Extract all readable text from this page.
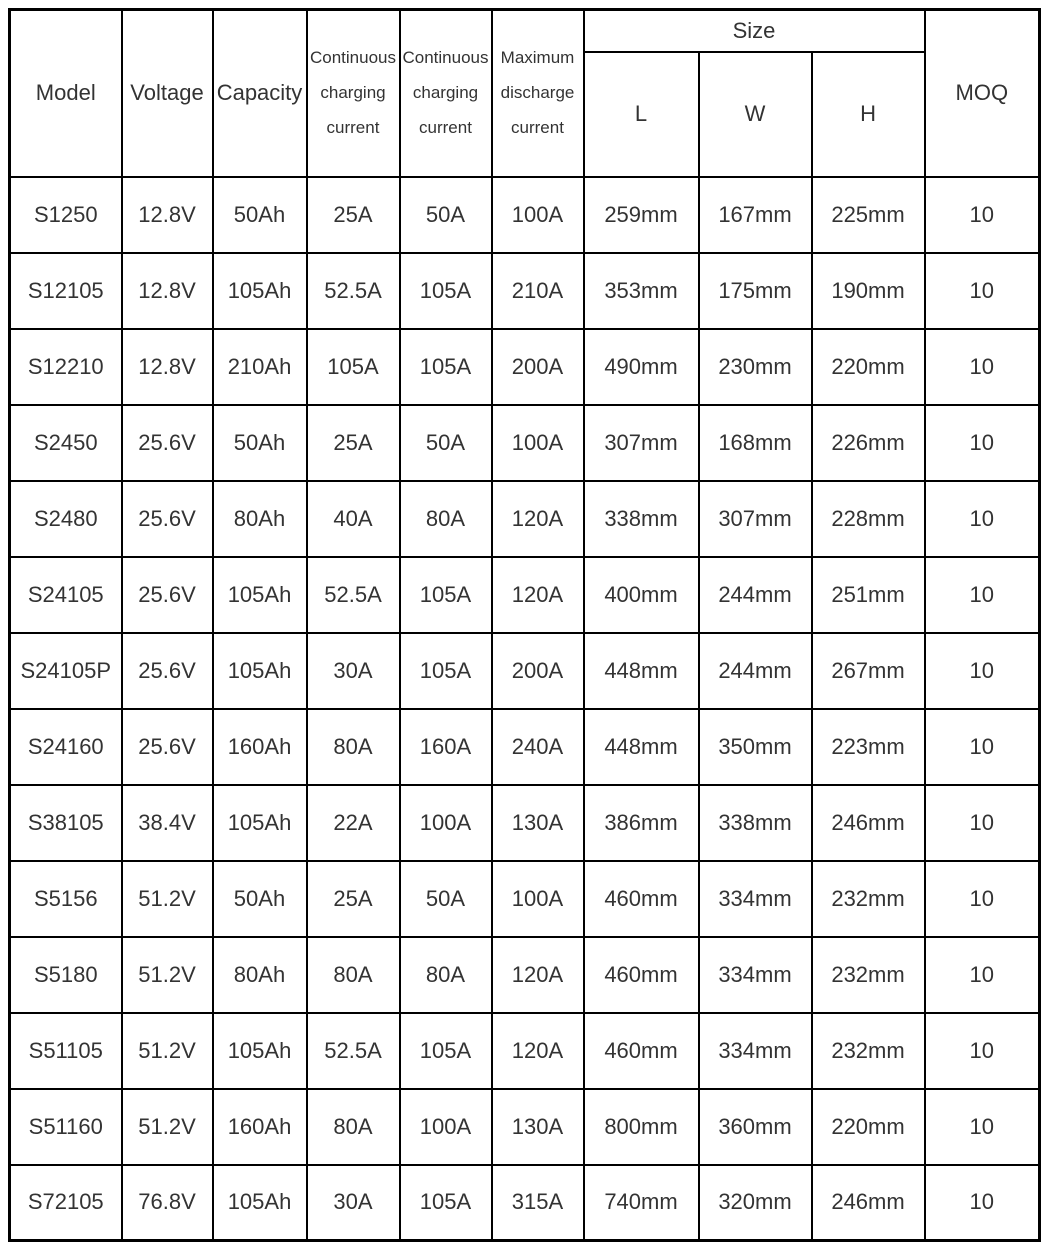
Model	Voltage	Capacity	Continuous charging current	Continuous charging current	Maximum discharge current	Size			MOQ
						L	W	H	
S1250	12.8V	50Ah	25A	50A	100A	259mm	167mm	225mm	10
S12105	12.8V	105Ah	52.5A	105A	210A	353mm	175mm	190mm	10
S12210	12.8V	210Ah	105A	105A	200A	490mm	230mm	220mm	10
S2450	25.6V	50Ah	25A	50A	100A	307mm	168mm	226mm	10
S2480	25.6V	80Ah	40A	80A	120A	338mm	307mm	228mm	10
S24105	25.6V	105Ah	52.5A	105A	120A	400mm	244mm	251mm	10
S24105P	25.6V	105Ah	30A	105A	200A	448mm	244mm	267mm	10
S24160	25.6V	160Ah	80A	160A	240A	448mm	350mm	223mm	10
S38105	38.4V	105Ah	22A	100A	130A	386mm	338mm	246mm	10
S5156	51.2V	50Ah	25A	50A	100A	460mm	334mm	232mm	10
S5180	51.2V	80Ah	80A	80A	120A	460mm	334mm	232mm	10
S51105	51.2V	105Ah	52.5A	105A	120A	460mm	334mm	232mm	10
S51160	51.2V	160Ah	80A	100A	130A	800mm	360mm	220mm	10
S72105	76.8V	105Ah	30A	105A	315A	740mm	320mm	246mm	10
